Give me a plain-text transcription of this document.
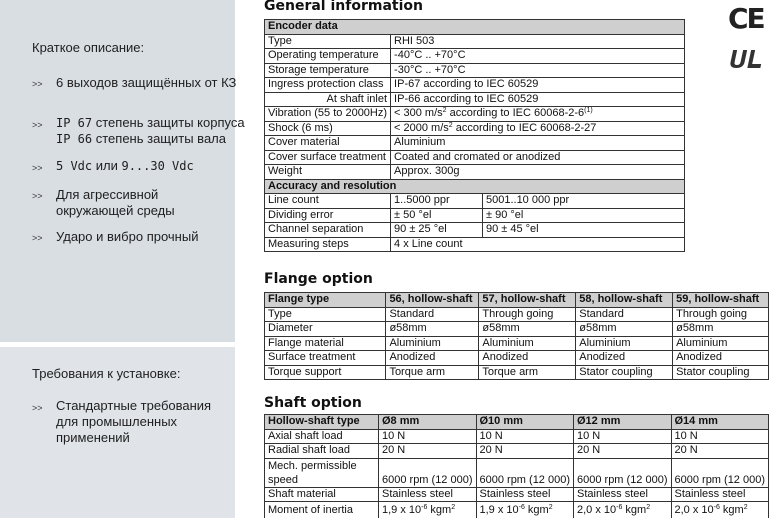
Краткое описание:
>> 6 выходов защищённых от КЗ
>> IP 67 степень защиты корпуса
IP 66 степень защиты вала
>> 5 Vdc или 9...30 Vdc
>> Для агрессивной
окружающей среды
>> Ударо и вибро прочный
Требования к установке:
>> Стандартные требования
для промышленных
применений
CE
General information
Encoder data		
Type	RHI 503	
Operating temperature	-40°C .. +70°C	
Storage temperature	-30°C .. +70°C	
Ingress protection class	IP-67 according to IEC 60529	
At shaft inlet	IP-66 according to IEC 60529	
Vibration (55 to 2000Hz)	< 300 $m/s^2$ according to IEC 60068-2-6$^{(1)}$
Shock (6 ms)	< 2000 $m/s^2$ according to IEC 60068-2-27	
Cover material	Aluminium	
Cover surface treatment	Coated and cromated or anodized	
Weight	Approx. 300g	
Accuracy and resolution		
Line count	1..5000 ppr	5001..10 000 ppr
Dividing error	± 50 °el	± 90 °el
Channel separation	90 ± 25 °el	90 ± 45 °el
Measuring steps	4 x Line count	
Flange option
Flange type	56, hollow-shaft	57, hollow-shaft	58, hollow-shaft	59, hollow-shaft
Type	Standard	Through going	Standard	Through going
Diameter	ø58mm	ø58mm	ø58mm	ø58mm
Flange material	Aluminium	Aluminium	Aluminium	Aluminium
Surface treatment	Anodized	Anodized	Anodized	Anodized
Torque support	Torque arm	Torque arm	Stator coupling	Stator coupling
Shaft option
Hollow-shaft type	Ø8 mm	Ø10 mm	Ø12 mm	Ø14 mm
Axial shaft load	10 N	10 N	10 N	10 N
Radial shaft load	20 N	20 N	20 N	20 N

Mech. permissible
speed	6000 rpm (12 000)	6000 rpm (12 000)	6000 rpm (12 000)	6000 rpm (12 000)
Shaft material	Stainless steel	Stainless steel	Stainless steel	Stainless steel
Moment of inertia	1,9 x $10^{-6}$ kgm$^2$	1,9 x $10^{-6}$ kgm$^2$	2,0 x $10^{-6}$ kgm$^2$	2,0 x $10^{-6}$ kgm$^2$
